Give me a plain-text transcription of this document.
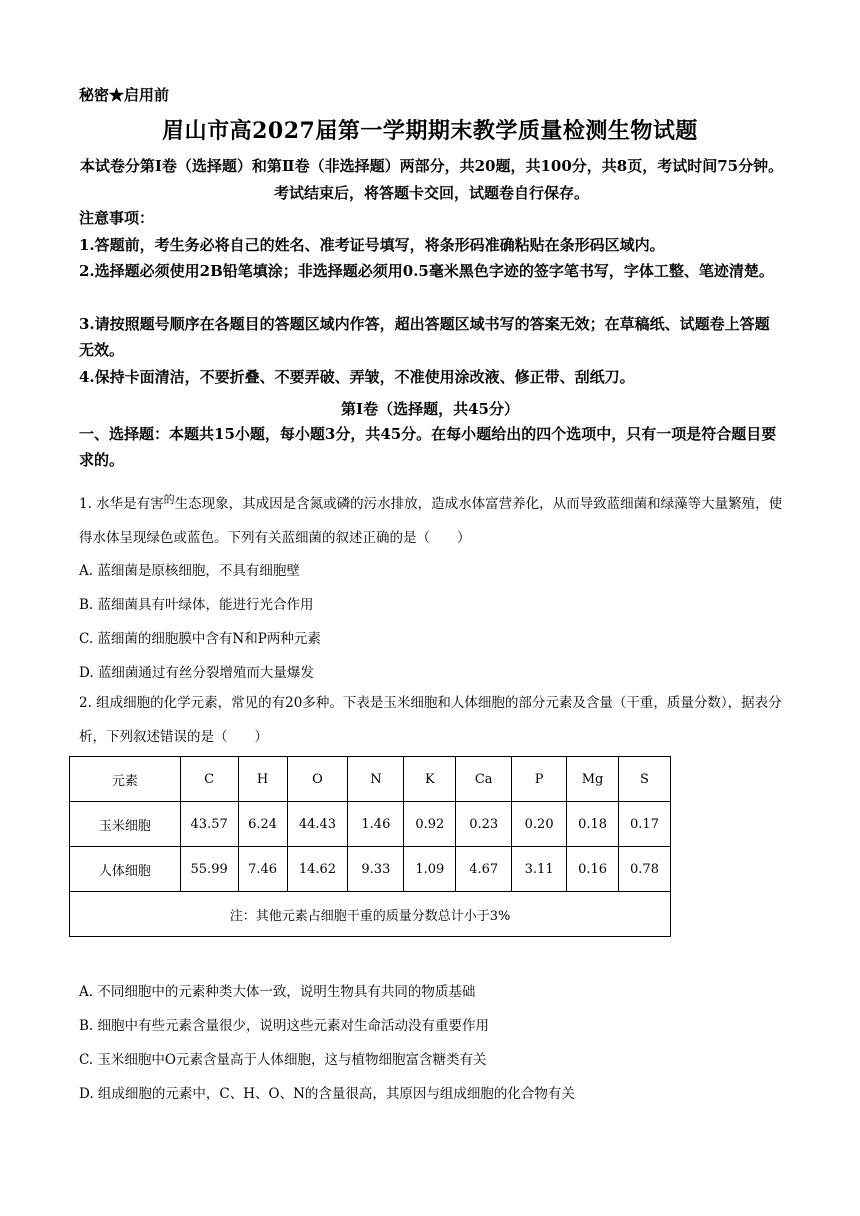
秘密★启用前
眉山市高2027届第一学期期末教学质量检测生物试题
本试卷分第Ⅰ卷（选择题）和第Ⅱ卷（非选择题）两部分，共20题，共100分，共8页，考试时间75分钟。考试结束后，将答题卡交回，试题卷自行保存。
注意事项：
1.答题前，考生务必将自己的姓名、准考证号填写，将条形码准确粘贴在条形码区域内。
2.选择题必须使用2B铅笔填涂；非选择题必须用0.5毫米黑色字迹的签字笔书写，字体工整、笔迹清楚。
3.请按照题号顺序在各题目的答题区域内作答，超出答题区域书写的答案无效；在草稿纸、试题卷上答题无效。
4.保持卡面清洁，不要折叠、不要弄破、弄皱，不准使用涂改液、修正带、刮纸刀。
第Ⅰ卷（选择题，共45分）
一、选择题：本题共15小题，每小题3分，共45分。在每小题给出的四个选项中，只有一项是符合题目要求的。
1. 水华是有害$^的$生态现象，其成因是含氮或磷的污水排放，造成水体富营养化，从而导致蓝细菌和绿藻等大量繁殖，使得水体呈现绿色或蓝色。下列有关蓝细菌的叙述正确的是（　　）
A. 蓝细菌是原核细胞，不具有细胞壁
B. 蓝细菌具有叶绿体，能进行光合作用
C. 蓝细菌的细胞膜中含有N和P两种元素
D. 蓝细菌通过有丝分裂增殖而大量爆发
2. 组成细胞的化学元素，常见的有20多种。下表是玉米细胞和人体细胞的部分元素及含量（干重，质量分数），据表分析，下列叙述错误的是（　　）
元素	C	H	O	N	K	Ca	P	Mg	S
玉米细胞	43.57	6.24	44.43	1.46	0.92	0.23	0.20	0.18	0.17
人体细胞	55.99	7.46	14.62	9.33	1.09	4.67	3.11	0.16	0.78
注：其他元素占细胞干重的质量分数总计小于3%									
A. 不同细胞中的元素种类大体一致，说明生物具有共同的物质基础
B. 细胞中有些元素含量很少，说明这些元素对生命活动没有重要作用
C. 玉米细胞中O元素含量高于人体细胞，这与植物细胞富含糖类有关
D. 组成细胞的元素中，C、H、O、N的含量很高，其原因与组成细胞的化合物有关
